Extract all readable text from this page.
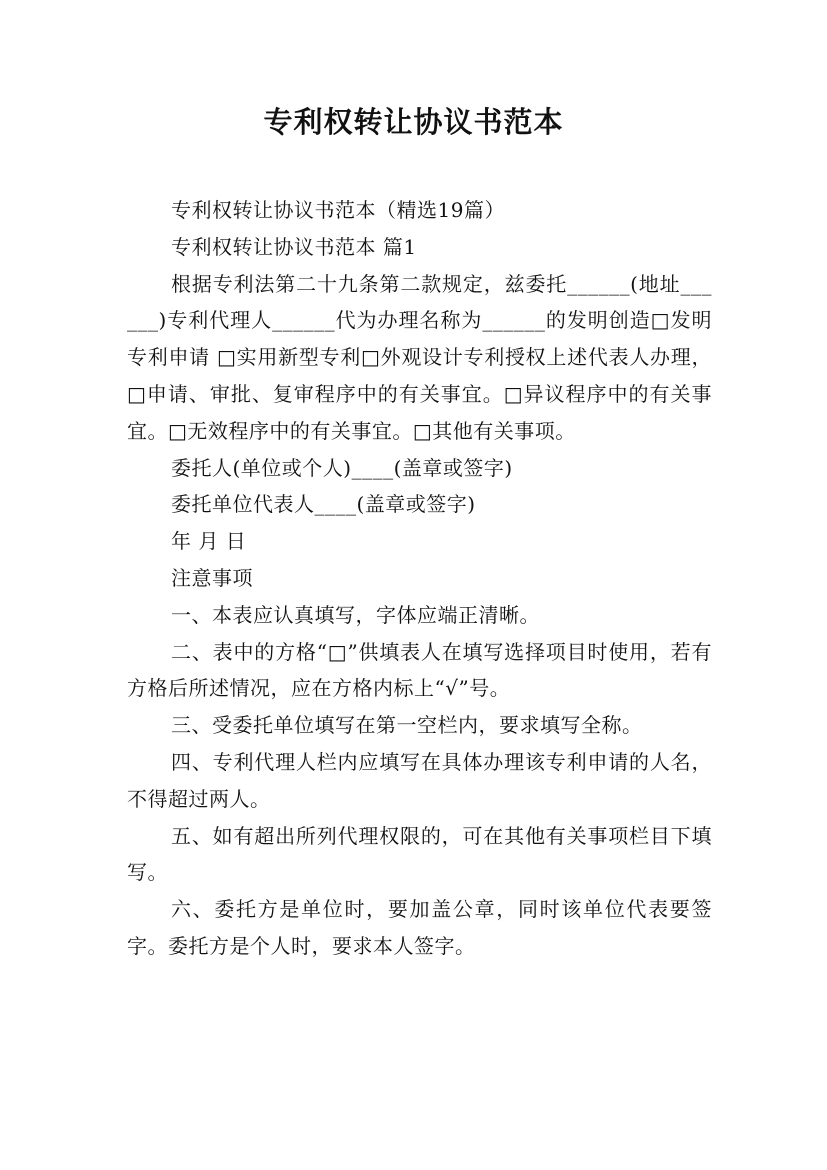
专利权转让协议书范本

专利权转让协议书范本（精选19篇）

专利权转让协议书范本 篇1

根据专利法第二十九条第二款规定，兹委托______(地址______)专利代理人______代为办理名称为______的发明创造□发明专利申请 □实用新型专利□外观设计专利授权上述代表人办理，□申请、审批、复审程序中的有关事宜。□异议程序中的有关事宜。□无效程序中的有关事宜。□其他有关事项。

委托人(单位或个人)____(盖章或签字)

委托单位代表人____(盖章或签字)

年 月 日

注意事项

一、本表应认真填写，字体应端正清晰。

二、表中的方格“□”供填表人在填写选择项目时使用，若有方格后所述情况，应在方格内标上“√”号。

三、受委托单位填写在第一空栏内，要求填写全称。

四、专利代理人栏内应填写在具体办理该专利申请的人名，不得超过两人。

五、如有超出所列代理权限的，可在其他有关事项栏目下填写。

六、委托方是单位时，要加盖公章，同时该单位代表要签字。委托方是个人时，要求本人签字。
